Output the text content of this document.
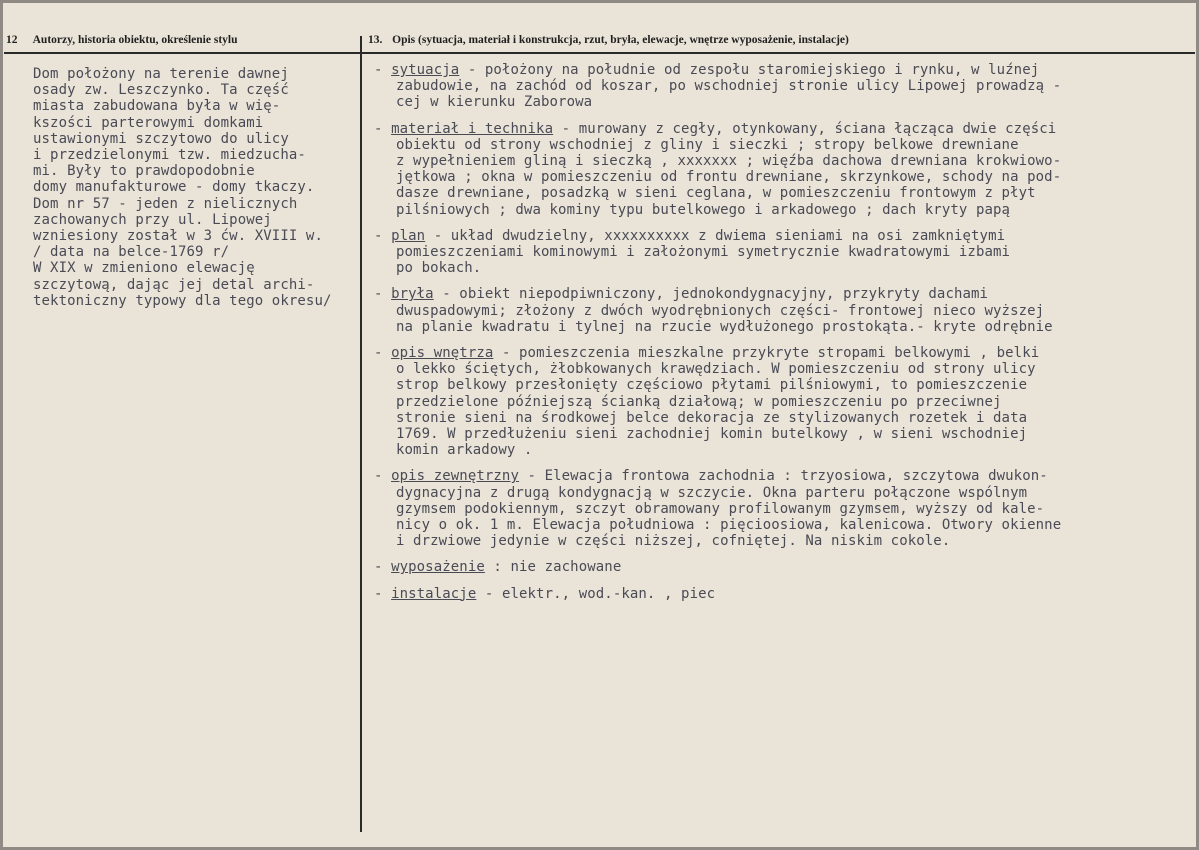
12 Autorzy, historia obiektu, określenie stylu	13. Opis (sytuacja, materiał i konstrukcja, rzut, bryła, elewacje, wnętrze wyposażenie, instalacje)
Dom położony na terenie dawnej
osady zw. Leszczynko. Ta część
miasta zabudowana była w wię-
kszości parterowymi domkami
ustawionymi szczytowo do ulicy
i przedzielonymi tzw. miedzucha-
mi. Były to prawdopodobnie
domy manufakturowe - domy tkaczy.
Dom nr 57 - jeden z nielicznych
zachowanych przy ul. Lipowej
wzniesiony został w 3 ćw. XVIII w.
/ data na belce-1769 r/
W XIX w zmieniono elewację
szczytową, dając jej detal archi-
tektoniczny typowy dla tego okresu/
- sytuacja - położony na południe od zespołu staromiejskiego i rynku, w luźnej
zabudowie, na zachód od koszar, po wschodniej stronie ulicy Lipowej prowadzą -
cej w kierunku Zaborowa
- materiał i technika - murowany z cegły, otynkowany, ściana łącząca dwie części
obiektu od strony wschodniej z gliny i sieczki ; stropy belkowe drewniane
z wypełnieniem gliną i sieczką , xxxxxxx ; więźba dachowa drewniana krokwiowo-
jętkowa ; okna w pomieszczeniu od frontu drewniane, skrzynkowe, schody na pod-
dasze drewniane, posadzką w sieni ceglana, w pomieszczeniu frontowym z płyt
pilśniowych ; dwa kominy typu butelkowego i arkadowego ; dach kryty papą
- plan - układ dwudzielny, xxxxxxxxxx z dwiema sieniami na osi zamkniętymi
pomieszczeniami kominowymi i założonymi symetrycznie kwadratowymi izbami
po bokach.
- bryła - obiekt niepodpiwniczony, jednokondygnacyjny, przykryty dachami
dwuspadowymi; złożony z dwóch wyodrębnionych części- frontowej nieco wyższej
na planie kwadratu i tylnej na rzucie wydłużonego prostokąta.- kryte odrębnie
- opis wnętrza - pomieszczenia mieszkalne przykryte stropami belkowymi , belki
o lekko ściętych, żłobkowanych krawędziach. W pomieszczeniu od strony ulicy
strop belkowy przesłonięty częściowo płytami pilśniowymi, to pomieszczenie
przedzielone późniejszą ścianką działową; w pomieszczeniu po przeciwnej
stronie sieni na środkowej belce dekoracja ze stylizowanych rozetek i data
1769. W przedłużeniu sieni zachodniej komin butelkowy , w sieni wschodniej
komin arkadowy .
- opis zewnętrzny - Elewacja frontowa zachodnia : trzyosiowa, szczytowa dwukon-
dygnacyjna z drugą kondygnacją w szczycie. Okna parteru połączone wspólnym
gzymsem podokiennym, szczyt obramowany profilowanym gzymsem, wyższy od kale-
nicy o ok. 1 m. Elewacja południowa : pięcioosiowa, kalenicowa. Otwory okienne
i drzwiowe jedynie w części niższej, cofniętej. Na niskim cokole.
- wyposażenie : nie zachowane
- instalacje - elektr., wod.-kan. , piec
